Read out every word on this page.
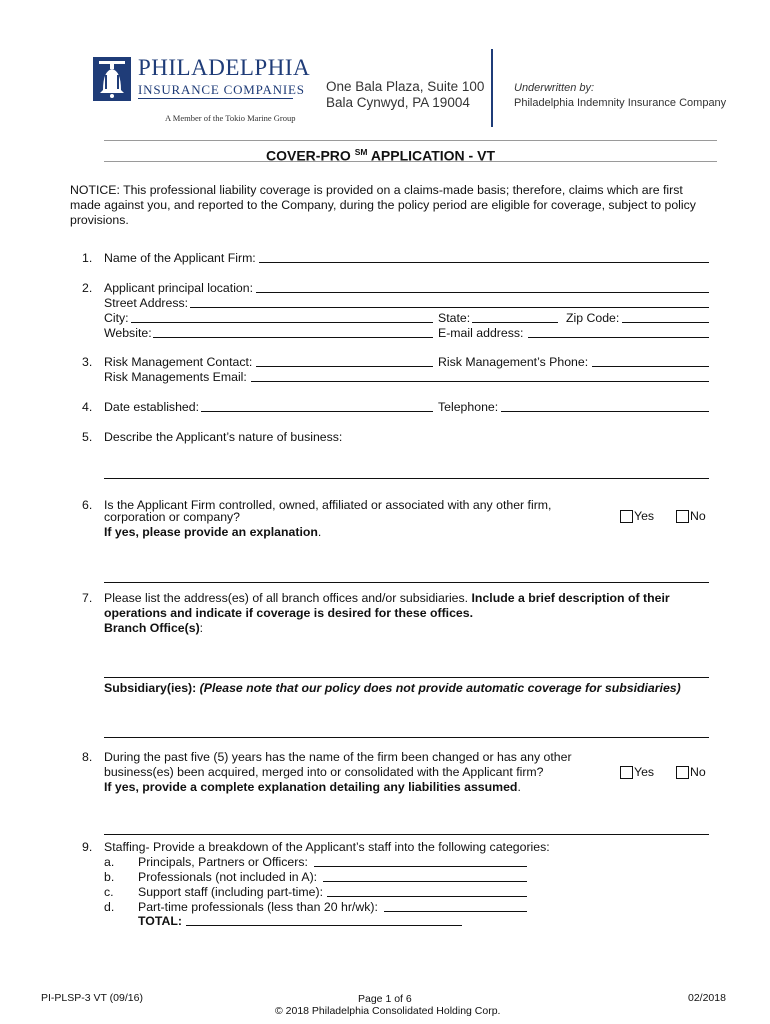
PHILADELPHIA
INSURANCE COMPANIES
A Member of the Tokio Marine Group
One Bala Plaza, Suite 100
Bala Cynwyd, PA 19004
Underwritten by:
Philadelphia Indemnity Insurance Company
COVER-PRO ℠ APPLICATION - VT
NOTICE: This professional liability coverage is provided on a claims-made basis; therefore, claims which are first
made against you, and reported to the Company, during the policy period are eligible for coverage, subject to policy
provisions.
1. Name of the Applicant Firm:
2. Applicant principal location:
Street Address:
City:	State:	Zip Code:
Website:	E-mail address:
3. Risk Management Contact:	Risk Management’s Phone:
Risk Managements Email:
4. Date established:	Telephone:
5. Describe the Applicant’s nature of business:
6. Is the Applicant Firm controlled, owned, affiliated or associated with any other firm,
corporation or company?
If yes, please provide an explanation.
Yes	No
7. Please list the address(es) of all branch offices and/or subsidiaries. Include a brief description of their
operations and indicate if coverage is desired for these offices.
Branch Office(s):
Subsidiary(ies): (Please note that our policy does not provide automatic coverage for subsidiaries)
8. During the past five (5) years has the name of the firm been changed or has any other
business(es) been acquired, merged into or consolidated with the Applicant firm?
If yes, provide a complete explanation detailing any liabilities assumed.
Yes	No
9. Staffing- Provide a breakdown of the Applicant’s staff into the following categories:
a. Principals, Partners or Officers:
b. Professionals (not included in A):
c. Support staff (including part-time):
d. Part-time professionals (less than 20 hr/wk):
TOTAL:
PI-PLSP-3 VT (09/16)	Page 1 of 6
© 2018 Philadelphia Consolidated Holding Corp.
02/2018
